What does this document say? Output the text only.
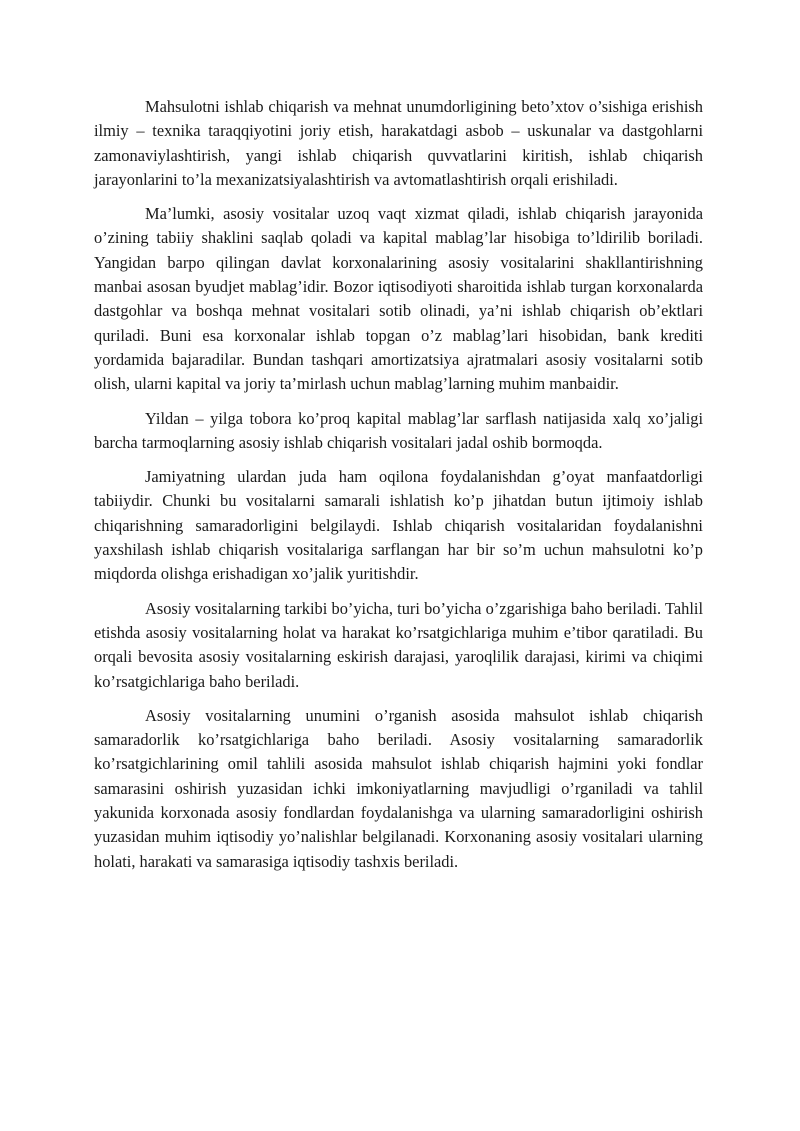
Mahsulotni ishlab chiqarish va mehnat unumdorligining beto’xtov o’sishiga erishish ilmiy – texnika taraqqiyotini joriy etish, harakatdagi asbob – uskunalar va dastgohlarni zamonaviylashtirish, yangi ishlab chiqarish quvvatlarini kiritish, ishlab chiqarish jarayonlarini to’la mexanizatsiyalashtirish va avtomatlashtirish orqali erishiladi.

Ma’lumki, asosiy vositalar uzoq vaqt xizmat qiladi, ishlab chiqarish jarayonida o’zining tabiiy shaklini saqlab qoladi va kapital mablag’lar hisobiga to’ldirilib boriladi. Yangidan barpo qilingan davlat korxonalarining asosiy vositalarini shakllantirishning manbai asosan byudjet mablag’idir. Bozor iqtisodiyoti sharoitida ishlab turgan korxonalarda dastgohlar va boshqa mehnat vositalari sotib olinadi, ya’ni ishlab chiqarish ob’ektlari quriladi. Buni esa korxonalar ishlab topgan o’z mablag’lari hisobidan, bank krediti yordamida bajaradilar. Bundan tashqari amortizatsiya ajratmalari asosiy vositalarni sotib olish, ularni kapital va joriy ta’mirlash uchun mablag’larning muhim manbaidir.

Yildan – yilga tobora ko’proq kapital mablag’lar sarflash natijasida xalq xo’jaligi barcha tarmoqlarning asosiy ishlab chiqarish vositalari jadal oshib bormoqda.

Jamiyatning ulardan juda ham oqilona foydalanishdan g’oyat manfaatdorligi tabiiydir. Chunki bu vositalarni samarali ishlatish ko’p jihatdan butun ijtimoiy ishlab chiqarishning samaradorligini belgilaydi. Ishlab chiqarish vositalaridan foydalanishni yaxshilash ishlab chiqarish vositalariga sarflangan har bir so’m uchun mahsulotni ko’p miqdorda olishga erishadigan xo’jalik yuritishdir.

Asosiy vositalarning tarkibi bo’yicha, turi bo’yicha o’zgarishiga baho beriladi. Tahlil etishda asosiy vositalarning holat va harakat ko’rsatgichlariga muhim e’tibor qaratiladi. Bu orqali bevosita asosiy vositalarning eskirish darajasi, yaroqlilik darajasi, kirimi va chiqimi ko’rsatgichlariga baho beriladi.

Asosiy vositalarning unumini o’rganish asosida mahsulot ishlab chiqarish samaradorlik ko’rsatgichlariga baho beriladi. Asosiy vositalarning samaradorlik ko’rsatgichlarining omil tahlili asosida mahsulot ishlab chiqarish hajmini yoki fondlar samarasini oshirish yuzasidan ichki imkoniyatlarning mavjudligi o’rganiladi va tahlil yakunida korxonada asosiy fondlardan foydalanishga va ularning samaradorligini oshirish yuzasidan muhim iqtisodiy yo’nalishlar belgilanadi. Korxonaning asosiy vositalari ularning holati, harakati va samarasiga iqtisodiy tashxis beriladi.
